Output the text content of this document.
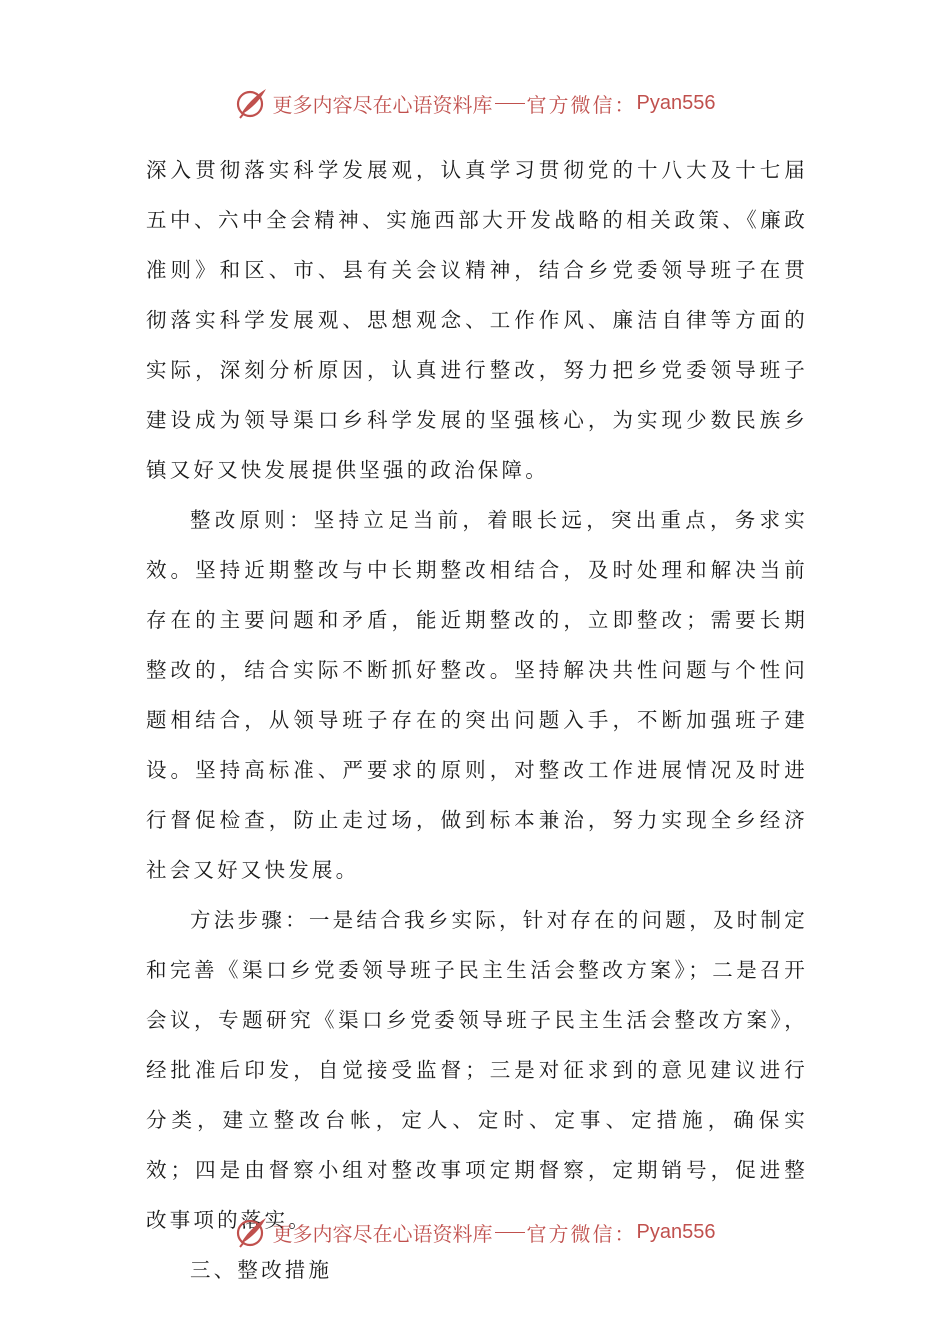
更多内容尽在心语资料库 官方微信： Pyan556

深入贯彻落实科学发展观，认真学习贯彻党的十八大及十七届五中、六中全会精神、实施西部大开发战略的相关政策、《廉政准则》和区、市、县有关会议精神，结合乡党委领导班子在贯彻落实科学发展观、思想观念、工作作风、廉洁自律等方面的实际，深刻分析原因，认真进行整改，努力把乡党委领导班子建设成为领导渠口乡科学发展的坚强核心，为实现少数民族乡镇又好又快发展提供坚强的政治保障。

整改原则：坚持立足当前，着眼长远，突出重点，务求实效。坚持近期整改与中长期整改相结合，及时处理和解决当前存在的主要问题和矛盾，能近期整改的，立即整改；需要长期整改的，结合实际不断抓好整改。坚持解决共性问题与个性问题相结合，从领导班子存在的突出问题入手，不断加强班子建设。坚持高标准、严要求的原则，对整改工作进展情况及时进行督促检查，防止走过场，做到标本兼治，努力实现全乡经济社会又好又快发展。

方法步骤：一是结合我乡实际，针对存在的问题，及时制定和完善《渠口乡党委领导班子民主生活会整改方案》；二是召开会议，专题研究《渠口乡党委领导班子民主生活会整改方案》，经批准后印发，自觉接受监督；三是对征求到的意见建议进行分类，建立整改台帐，定人、定时、定事、定措施，确保实效；四是由督察小组对整改事项定期督察，定期销号，促进整改事项的落实。

三、整改措施

更多内容尽在心语资料库 官方微信： Pyan556
